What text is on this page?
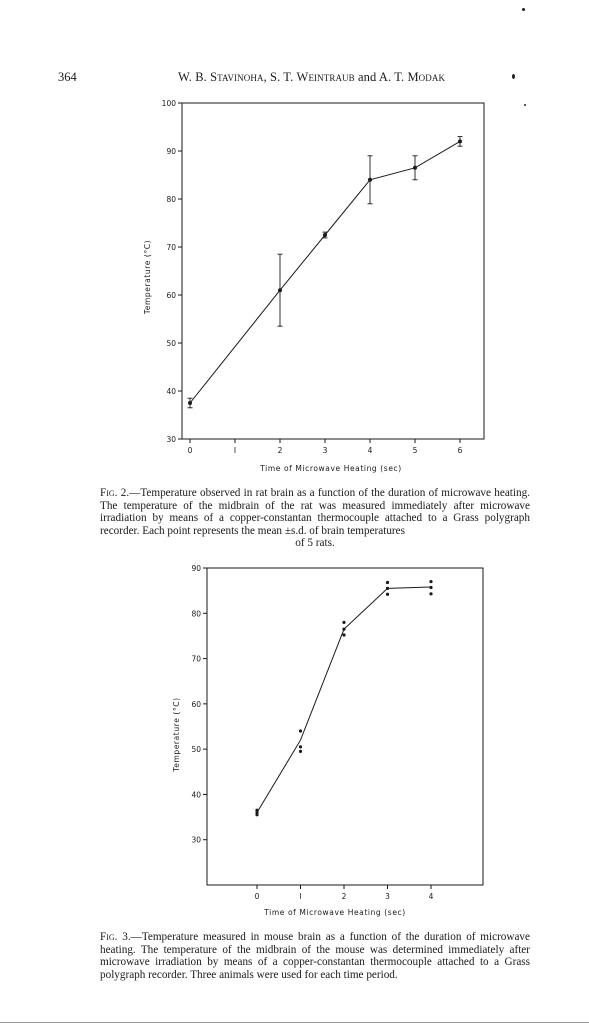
364	W. B. Stavinoha, S. T. Weintraub and A. T. Modak
100
90
80
70
60
50
40
30
0	I	2	3	4	5	6
Time of Microwave Heating (sec)
Temperature (°C)
Fig. 2.—Temperature observed in rat brain as a function of the duration of microwave heating. The temperature of the midbrain of the rat was measured immediately after microwave irradiation by means of a copper-constantan thermocouple attached to a Grass polygraph recorder. Each point represents the mean ±s.d. of brain temperatures
of 5 rats.
90
80
70
60
50
40
30
0	I	2	3	4
Time of Microwave Heating (sec)
Temperature (°C)
Fig. 3.—Temperature measured in mouse brain as a function of the duration of microwave heating. The temperature of the midbrain of the mouse was determined immediately after microwave irradiation by means of a copper-constantan thermocouple attached to a Grass polygraph recorder. Three animals were used for each time period.
